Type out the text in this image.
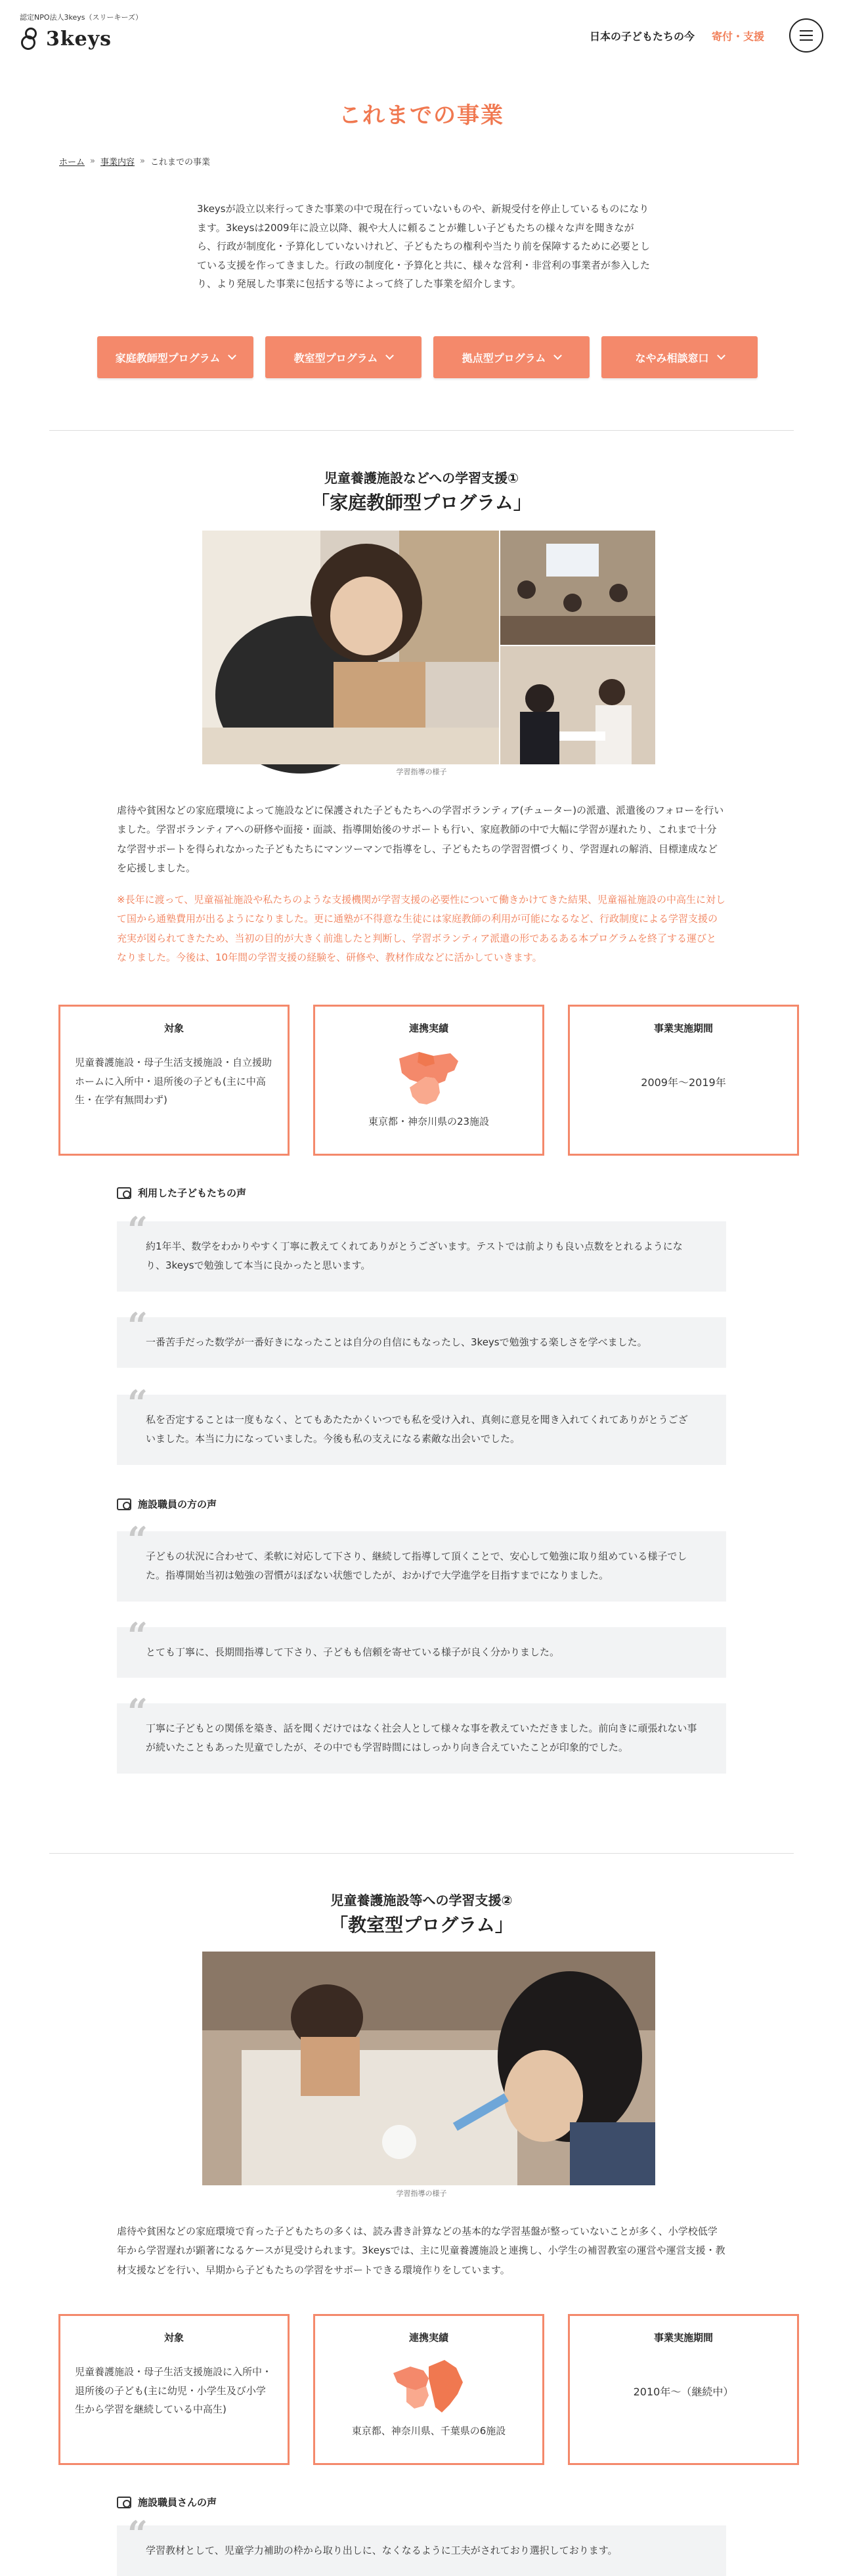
認定NPO法人3keys（スリーキーズ）
3keys	日本の子どもたちの今 寄付・支援
これまでの事業
ホーム » 事業内容 » これまでの事業

3keysが設立以来行ってきた事業の中で現在行っていないものや、新規受付を停止しているものになります。3keysは2009年に設立以降、親や大人に頼ることが難しい子どもたちの様々な声を聞きながら、行政が制度化・予算化していないけれど、子どもたちの権利や当たり前を保障するために必要としている支援を作ってきました。行政の制度化・予算化と共に、様々な営利・非営利の事業者が参入したり、より発展した事業に包括する等によって終了した事業を紹介します。

家庭教師型プログラム	教室型プログラム	拠点型プログラム	なやみ相談窓口
児童養護施設などへの学習支援①
「家庭教師型プログラム」
学習指導の様子

虐待や貧困などの家庭環境によって施設などに保護された子どもたちへの学習ボランティア(チューター)の派遣、派遣後のフォローを行いました。学習ボランティアへの研修や面接・面談、指導開始後のサポートも行い、家庭教師の中で大幅に学習が遅れたり、これまで十分な学習サポートを得られなかった子どもたちにマンツーマンで指導をし、子どもたちの学習習慣づくり、学習遅れの解消、目標達成などを応援しました。

※長年に渡って、児童福祉施設や私たちのような支援機関が学習支援の必要性について働きかけてきた結果、児童福祉施設の中高生に対して国から通塾費用が出るようになりました。更に通塾が不得意な生徒には家庭教師の利用が可能になるなど、行政制度による学習支援の充実が図られてきたため、当初の目的が大きく前進したと判断し、学習ボランティア派遣の形であるある本プログラムを終了する運びとなりました。今後は、10年間の学習支援の経験を、研修や、教材作成などに活かしていきます。

対象
児童養護施設・母子生活支援施設・自立援助ホームに入所中・退所後の子ども(主に中高生・在学有無問わず)
連携実績
東京都・神奈川県の23施設
事業実施期間
2009年〜2019年
利用した子どもたちの声
“
約1年半、数学をわかりやすく丁寧に教えてくれてありがとうございます。テストでは前よりも良い点数をとれるようになり、3keysで勉強して本当に良かったと思います。
“
一番苦手だった数学が一番好きになったことは自分の自信にもなったし、3keysで勉強する楽しさを学べました。
“
私を否定することは一度もなく、とてもあたたかくいつでも私を受け入れ、真剣に意見を聞き入れてくれてありがとうございました。本当に力になっていました。今後も私の支えになる素敵な出会いでした。
施設職員の方の声
“
子どもの状況に合わせて、柔軟に対応して下さり、継続して指導して頂くことで、安心して勉強に取り組めている様子でした。指導開始当初は勉強の習慣がほぼない状態でしたが、おかげで大学進学を目指すまでになりました。
“
とても丁寧に、長期間指導して下さり、子どもも信頼を寄せている様子が良く分かりました。
“
丁寧に子どもとの関係を築き、話を聞くだけではなく社会人として様々な事を教えていただきました。前向きに頑張れない事が続いたこともあった児童でしたが、その中でも学習時間にはしっかり向き合えていたことが印象的でした。
児童養護施設等への学習支援②
「教室型プログラム」
学習指導の様子

虐待や貧困などの家庭環境で育った子どもたちの多くは、読み書き計算などの基本的な学習基盤が整っていないことが多く、小学校低学年から学習遅れが顕著になるケースが見受けられます。3keysでは、主に児童養護施設と連携し、小学生の補習教室の運営や運営支援・教材支援などを行い、早期から子どもたちの学習をサポートできる環境作りをしています。

対象
児童養護施設・母子生活支援施設に入所中・退所後の子ども(主に幼児・小学生及び小学生から学習を継続している中高生)
連携実績
東京都、神奈川県、千葉県の6施設
事業実施期間
2010年〜（継続中）
施設職員さんの声
“
学習教材として、児童学力補助の枠から取り出しに、なくなるように工夫がされており選択しております。
